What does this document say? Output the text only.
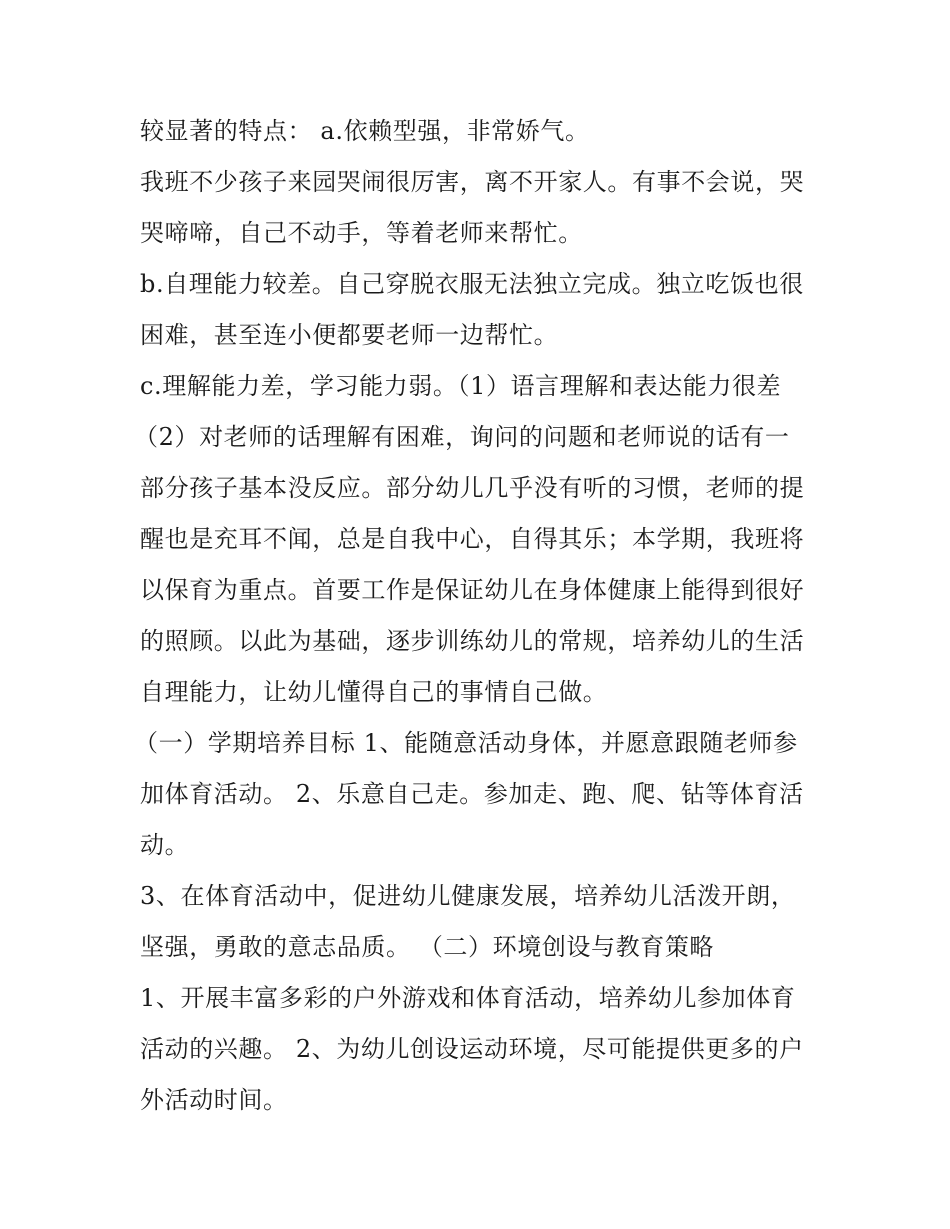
较显著的特点： a.依赖型强，非常娇气。
我班不少孩子来园哭闹很厉害，离不开家人。有事不会说，哭
哭啼啼，自己不动手，等着老师来帮忙。
b.自理能力较差。自己穿脱衣服无法独立完成。独立吃饭也很
困难，甚至连小便都要老师一边帮忙。
c.理解能力差，学习能力弱。（1）语言理解和表达能力很差
（2）对老师的话理解有困难，询问的问题和老师说的话有一
部分孩子基本没反应。部分幼儿几乎没有听的习惯，老师的提
醒也是充耳不闻，总是自我中心，自得其乐；本学期，我班将
以保育为重点。首要工作是保证幼儿在身体健康上能得到很好
的照顾。以此为基础，逐步训练幼儿的常规，培养幼儿的生活
自理能力，让幼儿懂得自己的事情自己做。
（一）学期培养目标 1、能随意活动身体，并愿意跟随老师参
加体育活动。 2、乐意自己走。参加走、跑、爬、钻等体育活
动。
3、在体育活动中，促进幼儿健康发展，培养幼儿活泼开朗，
坚强，勇敢的意志品质。 （二）环境创设与教育策略
1、开展丰富多彩的户外游戏和体育活动，培养幼儿参加体育
活动的兴趣。 2、为幼儿创设运动环境，尽可能提供更多的户
外活动时间。
